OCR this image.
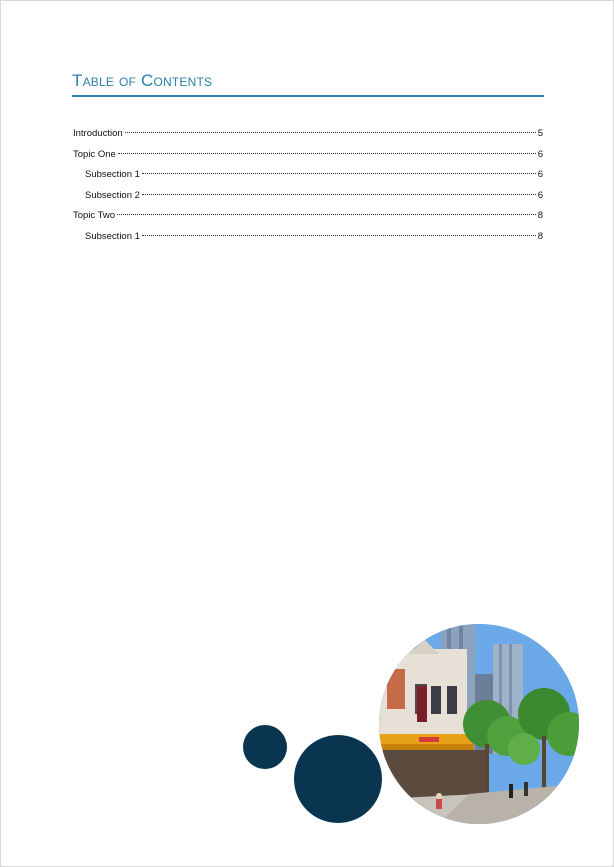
Table of Contents
Introduction	5
Topic One	6
Subsection 1	6
Subsection 2	6
Topic Two	8
Subsection 1	8
